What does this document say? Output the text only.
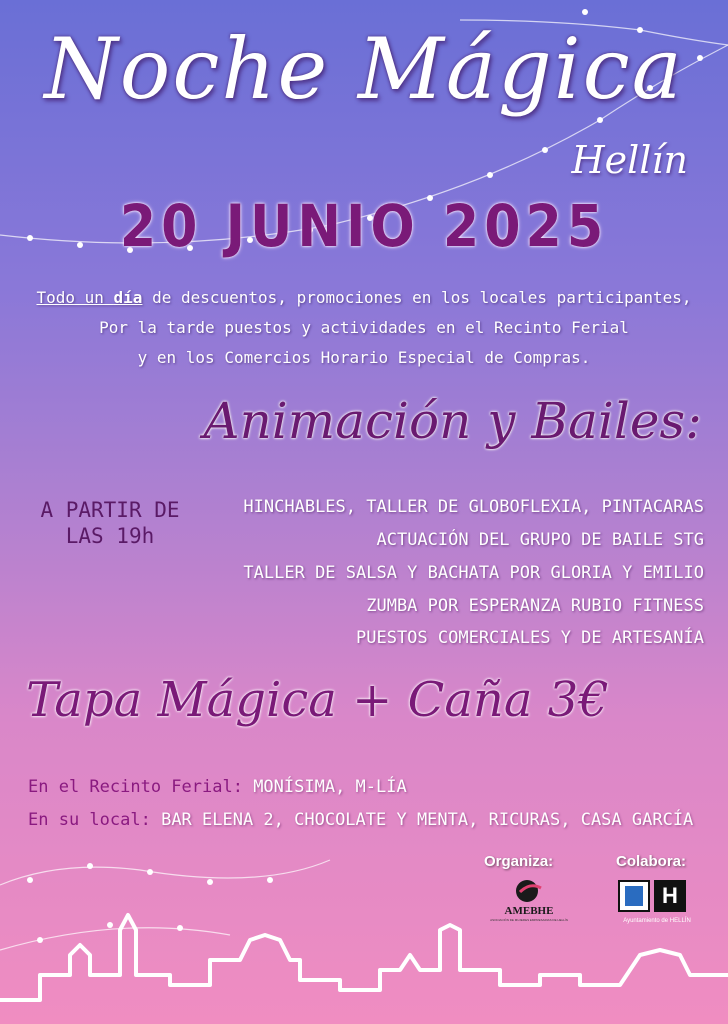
Noche Mágica
Hellín
20 JUNIO 2025
Todo un día de descuentos, promociones en los locales participantes,
Por la tarde puestos y actividades en el Recinto Ferial
y en los Comercios Horario Especial de Compras.
Animación y Bailes:
A PARTIR DE
LAS 19h
HINCHABLES, TALLER DE GLOBOFLEXIA, PINTACARAS
ACTUACIÓN DEL GRUPO DE BAILE STG
TALLER DE SALSA Y BACHATA POR GLORIA Y EMILIO
ZUMBA POR ESPERANZA RUBIO FITNESS
PUESTOS COMERCIALES Y DE ARTESANÍA
Tapa Mágica + Caña 3€
En el Recinto Ferial: MONÍSIMA, M-LÍA
En su local: BAR ELENA 2, CHOCOLATE Y MENTA, RICURAS, CASA GARCÍA
Organiza:	Colabora:
AMEBHE
ASOCIACIÓN DE MUJERES EMPRESARIAS DE HELLÍN
H
Ayuntamiento de HELLÍN
